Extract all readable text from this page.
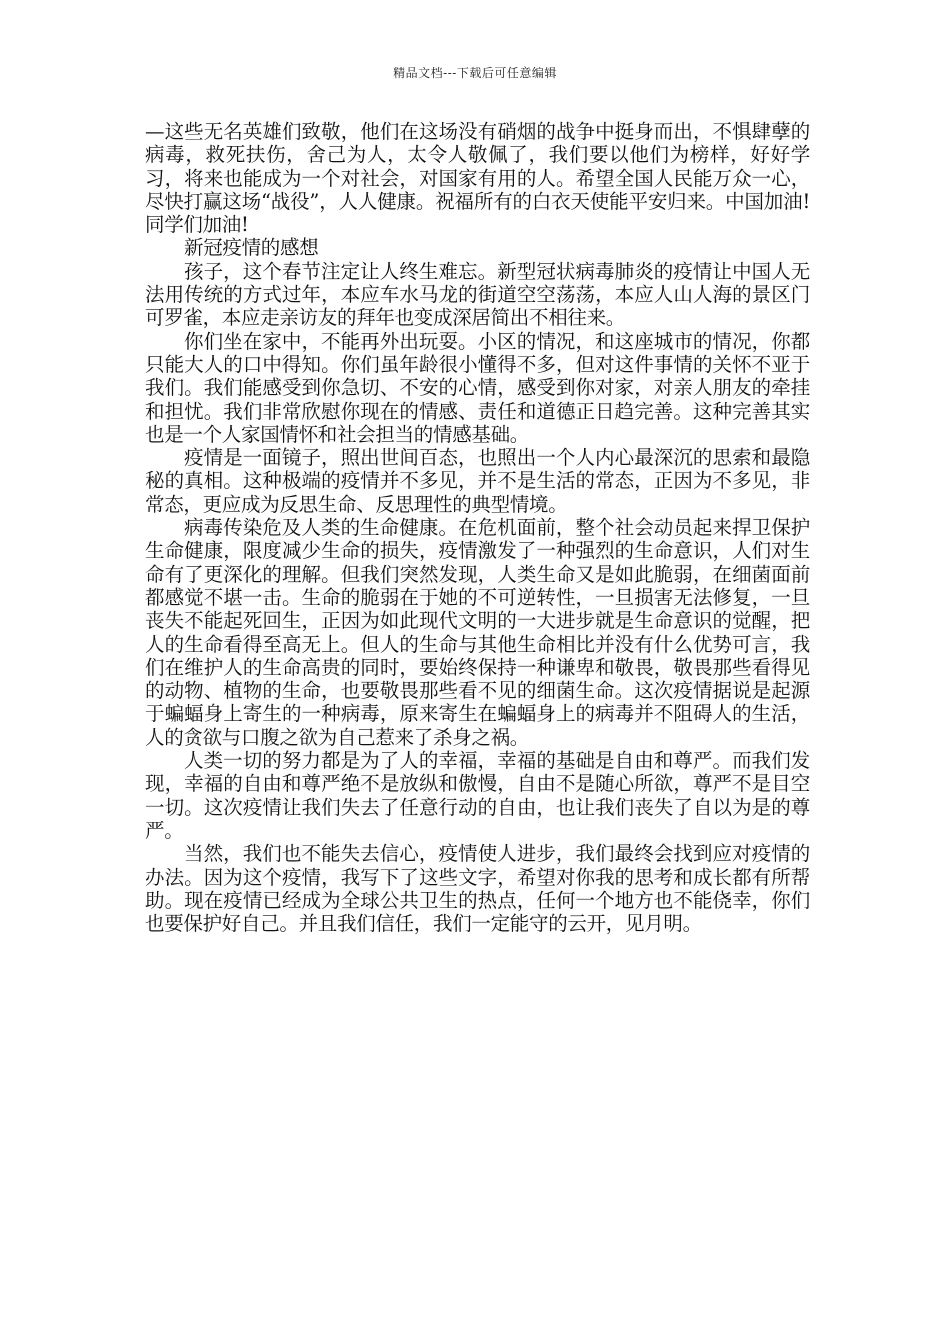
精品文档---下载后可任意编辑

—这些无名英雄们致敬，他们在这场没有硝烟的战争中挺身而出，不惧肆孽的病毒，救死扶伤，舍己为人，太令人敬佩了，我们要以他们为榜样，好好学习，将来也能成为一个对社会，对国家有用的人。希望全国人民能万众一心，尽快打赢这场“战役”，人人健康。祝福所有的白衣天使能平安归来。中国加油!同学们加油!

新冠疫情的感想

孩子，这个春节注定让人终生难忘。新型冠状病毒肺炎的疫情让中国人无法用传统的方式过年，本应车水马龙的街道空空荡荡，本应人山人海的景区门可罗雀，本应走亲访友的拜年也变成深居简出不相往来。

你们坐在家中，不能再外出玩耍。小区的情况，和这座城市的情况，你都只能大人的口中得知。你们虽年龄很小懂得不多，但对这件事情的关怀不亚于我们。我们能感受到你急切、不安的心情，感受到你对家，对亲人朋友的牵挂和担忧。我们非常欣慰你现在的情感、责任和道德正日趋完善。这种完善其实也是一个人家国情怀和社会担当的情感基础。

疫情是一面镜子，照出世间百态，也照出一个人内心最深沉的思索和最隐秘的真相。这种极端的疫情并不多见，并不是生活的常态，正因为不多见，非常态，更应成为反思生命、反思理性的典型情境。

病毒传染危及人类的生命健康。在危机面前，整个社会动员起来捍卫保护生命健康，限度减少生命的损失，疫情激发了一种强烈的生命意识，人们对生命有了更深化的理解。但我们突然发现，人类生命又是如此脆弱，在细菌面前都感觉不堪一击。生命的脆弱在于她的不可逆转性，一旦损害无法修复，一旦丧失不能起死回生，正因为如此现代文明的一大进步就是生命意识的觉醒，把人的生命看得至高无上。但人的生命与其他生命相比并没有什么优势可言，我们在维护人的生命高贵的同时，要始终保持一种谦卑和敬畏，敬畏那些看得见的动物、植物的生命，也要敬畏那些看不见的细菌生命。这次疫情据说是起源于蝙蝠身上寄生的一种病毒，原来寄生在蝙蝠身上的病毒并不阻碍人的生活，人的贪欲与口腹之欲为自己惹来了杀身之祸。

人类一切的努力都是为了人的幸福，幸福的基础是自由和尊严。而我们发现，幸福的自由和尊严绝不是放纵和傲慢，自由不是随心所欲，尊严不是目空一切。这次疫情让我们失去了任意行动的自由，也让我们丧失了自以为是的尊严。

当然，我们也不能失去信心，疫情使人进步，我们最终会找到应对疫情的办法。因为这个疫情，我写下了这些文字，希望对你我的思考和成长都有所帮助。现在疫情已经成为全球公共卫生的热点，任何一个地方也不能侥幸，你们也要保护好自己。并且我们信任，我们一定能守的云开，见月明。
